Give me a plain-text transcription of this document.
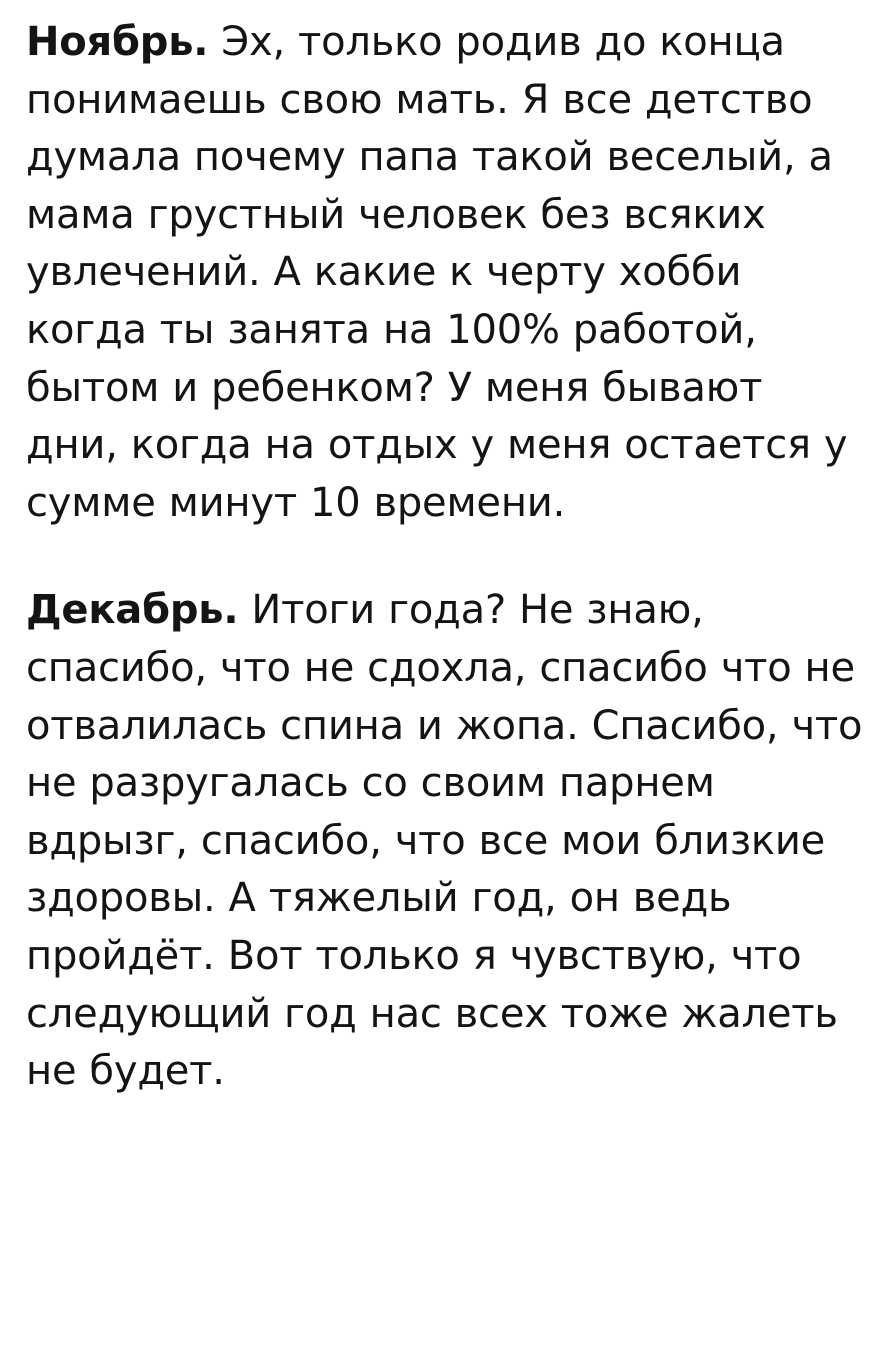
Ноябрь. Эх, только родив до конца понимаешь свою мать. Я все детство думала почему папа такой веселый, а мама грустный человек без всяких увлечений. А какие к черту хобби когда ты занята на 100% работой, бытом и ребенком? У меня бывают дни, когда на отдых у меня остается у сумме минут 10 времени.

Декабрь. Итоги года? Не знаю, спасибо, что не сдохла, спасибо что не отвалилась спина и жопа. Спасибо, что не разругалась со своим парнем вдрызг, спасибо, что все мои близкие здоровы. А тяжелый год, он ведь пройдёт. Вот только я чувствую, что следующий год нас всех тоже жалеть не будет.
